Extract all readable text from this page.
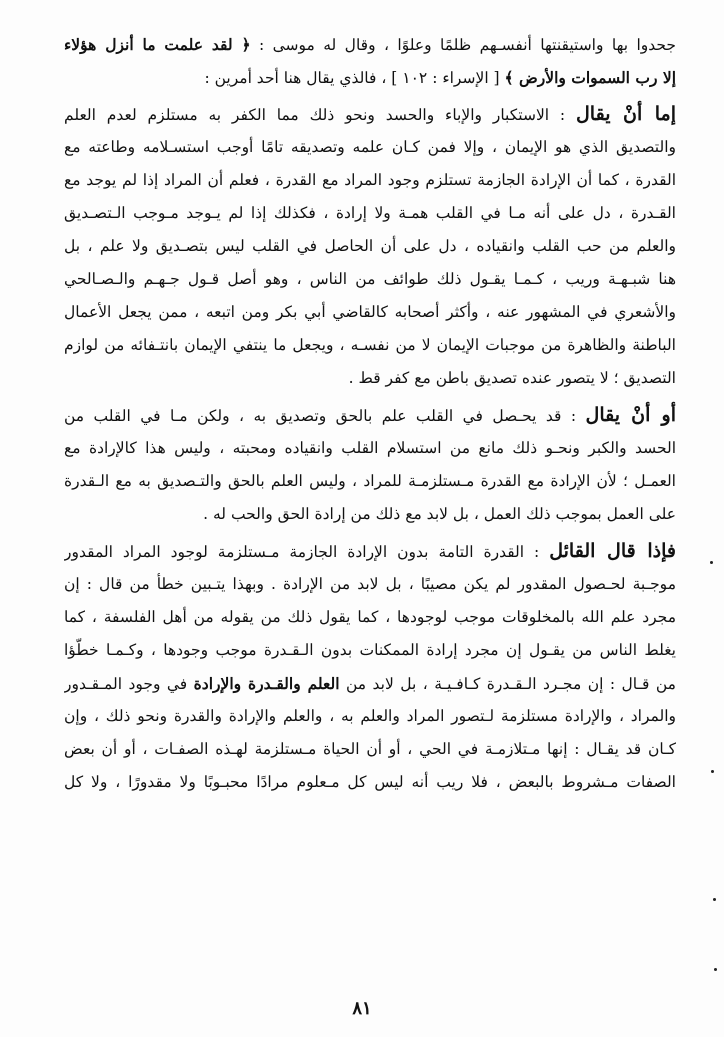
جحدوا بها واستيقنتها أنفسـهم ظلمًا وعلوًا ، وقال له موسى : ﴿ لقد علمت ما أنزل هؤلاء
إلا رب السموات والأرض ﴾ [ الإسراء : ١٠٢ ] ، فالذي يقال هنا أحد أمرين :
إما أنْ يقال : الاستكبار والإباء والحسد ونحو ذلك مما الكفر به مستلزم لعدم العلم
والتصديق الذي هو الإيمان ، وإلا فمن كـان علمه وتصديقه تامًا أوجب استسـلامه وطاعته مع
القدرة ، كما أن الإرادة الجازمة تستلزم وجود المراد مع القدرة ، فعلم أن المراد إذا لم يوجد مع
القـدرة ، دل على أنه مـا في القلب همـة ولا إرادة ، فكذلك إذا لم يـوجد مـوجب الـتصـديق
والعلم من حب القلب وانقياده ، دل على أن الحاصل في القلب ليس بتصـديق ولا علم ، بل
هنا شبـهـة وريب ، كـمـا يقـول ذلك طوائف من الناس ، وهو أصل قـول جـهـم والـصـالحي
والأشعري في المشهور عنه ، وأكثر أصحابه كالقاضي أبي بكر ومن اتبعه ، ممن يجعل الأعمال
الباطنة والظاهرة من موجبات الإيمان لا من نفسـه ، ويجعل ما ينتفي الإيمان بانتـفائه من لوازم
التصديق ؛ لا يتصور عنده تصديق باطن مع كفر قط .
أو أنْ يقال : قد يحـصل في القلب علم بالحق وتصديق به ، ولكن مـا في القلب من
الحسد والكبر ونحـو ذلك مانع من استسلام القلب وانقياده ومحبته ، وليس هذا كالإرادة مع
العمـل ؛ لأن الإرادة مع القدرة مـستلزمـة للمراد ، وليس العلم بالحق والتـصديق به مع الـقدرة
على العمل بموجب ذلك العمل ، بل لابد مع ذلك من إرادة الحق والحب له .
فإذا قال القائل : القدرة التامة بدون الإرادة الجازمة مـستلزمة لوجود المراد المقدور
موجـبة لحـصول المقدور لم يكن مصيبًا ، بل لابد من الإرادة . وبهذا يتـبين خطأ من قال : إن
مجرد علم الله بالمخلوقات موجب لوجودها ، كما يقول ذلك من يقوله من أهل الفلسفة ، كما
يغلط الناس من يقـول إن مجرد إرادة الممكنات بدون الـقـدرة موجب وجودها ، وكـمـا خطّؤا
من قـال : إن مجـرد الـقـدرة كـافـيـة ، بل لابد من العلم والقـدرة والإرادة في وجود المـقـدور
والمراد ، والإرادة مستلزمة لـتصور المراد والعلم به ، والعلم والإرادة والقدرة ونحو ذلك ، وإن
كـان قد يقـال : إنها مـتلازمـة في الحي ، أو أن الحياة مـستلزمة لهـذه الصفـات ، أو أن بعض
الصفات مـشروط بالبعض ، فلا ريب أنه ليس كل مـعلوم مرادًا محبـوبًا ولا مقدورًا ، ولا كل
٨١
